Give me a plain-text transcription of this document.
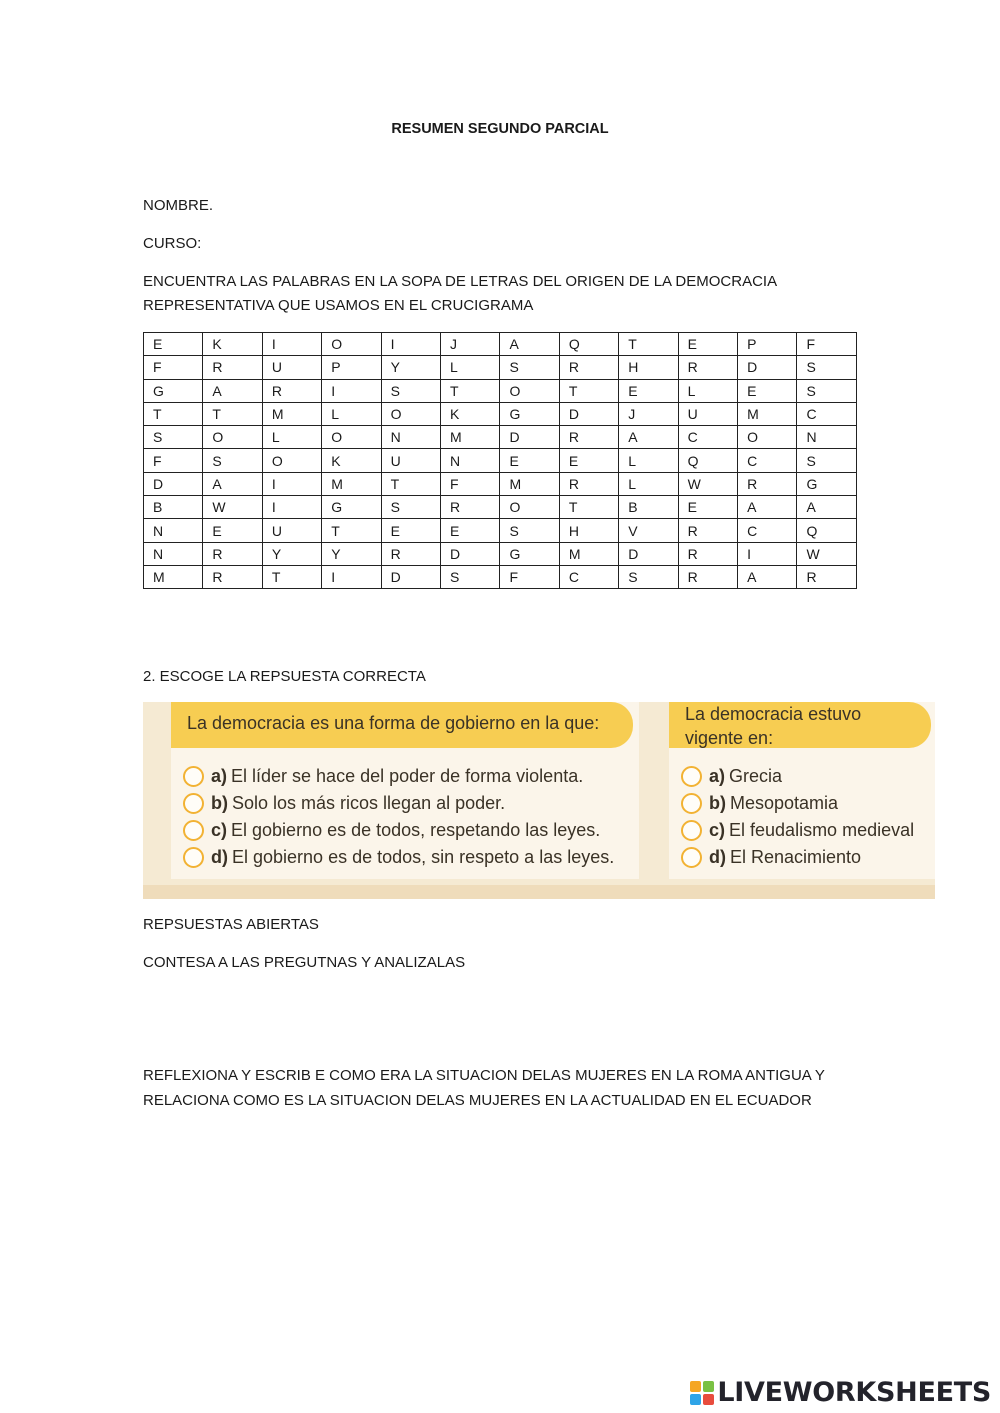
RESUMEN SEGUNDO PARCIAL
NOMBRE.
CURSO:
ENCUENTRA LAS PALABRAS EN LA SOPA DE LETRAS DEL ORIGEN DE LA DEMOCRACIA
REPRESENTATIVA QUE USAMOS EN EL CRUCIGRAMA
E	K	I	O	I	J	A	Q	T	E	P	F
F	R	U	P	Y	L	S	R	H	R	D	S
G	A	R	I	S	T	O	T	E	L	E	S
T	T	M	L	O	K	G	D	J	U	M	C
S	O	L	O	N	M	D	R	A	C	O	N
F	S	O	K	U	N	E	E	L	Q	C	S
D	A	I	M	T	F	M	R	L	W	R	G
B	W	I	G	S	R	O	T	B	E	A	A
N	E	U	T	E	E	S	H	V	R	C	Q
N	R	Y	Y	R	D	G	M	D	R	I	W
M	R	T	I	D	S	F	C	S	R	A	R
2. ESCOGE LA REPSUESTA CORRECTA
La democracia es una forma de gobierno en la que:
a) El líder se hace del poder de forma violenta.
b) Solo los más ricos llegan al poder.
c) El gobierno es de todos, respetando las leyes.
d) El gobierno es de todos, sin respeto a las leyes.
La democracia estuvo
vigente en:
a) Grecia
b) Mesopotamia
c) El feudalismo medieval
d) El Renacimiento
REPSUESTAS ABIERTAS
CONTESA A LAS PREGUTNAS Y ANALIZALAS
REFLEXIONA Y ESCRIB E COMO ERA LA SITUACION DELAS MUJERES EN LA ROMA ANTIGUA Y
RELACIONA COMO ES LA SITUACION DELAS MUJERES EN LA ACTUALIDAD EN EL ECUADOR
LIVEWORKSHEETS
